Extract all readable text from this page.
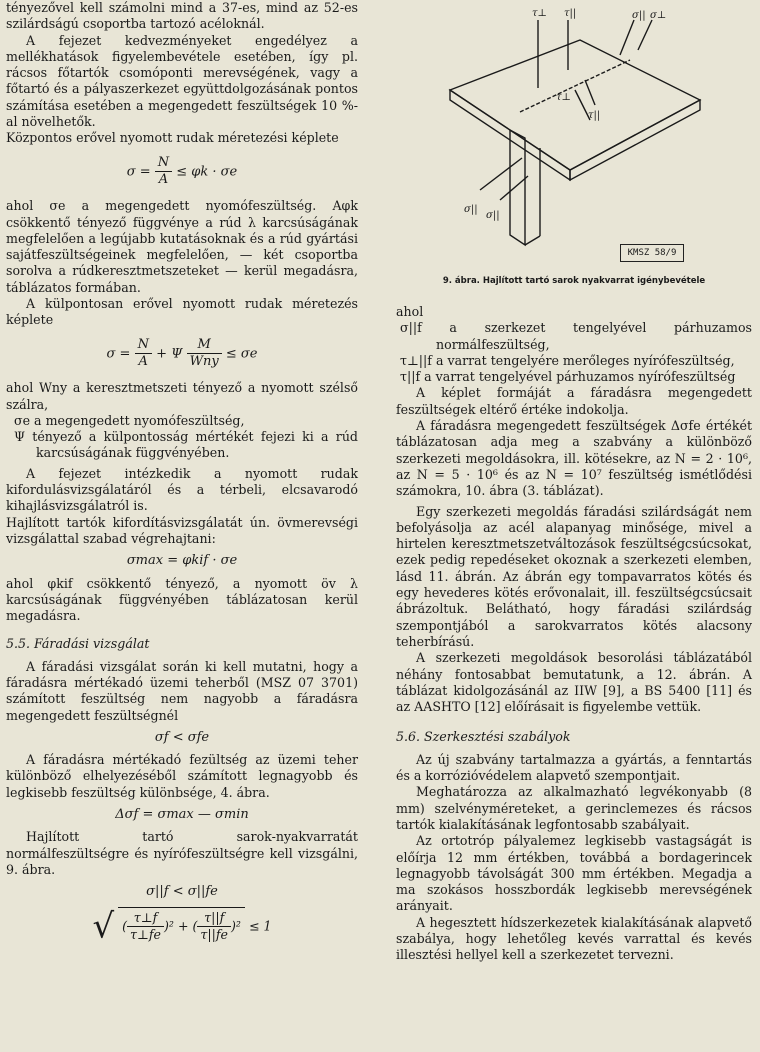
tényezővel kell számolni mind a 37-es, mind az 52-es szilárdságú csoportba tartozó acéloknál.

A fejezet kedvezményeket engedélyez a mellékhatások figyelembevétele esetében, így pl. rácsos főtartók csomóponti merevségének, vagy a főtartó és a pályaszerkezet együttdolgozásának pontos számítása esetében a megengedett feszültségek 10 %-al növelhetők.

Központos erővel nyomott rudak méretezési képlete

$\sigma = \frac{N}{A} \le \varphi k \cdot \sigma e$

ahol σe a megengedett nyomófeszültség. Aφk csökkentő tényező függvénye a rúd λ karcsúságának megfelelően a legújabb kutatásoknak és a rúd gyártási sajátfeszültségeinek megfelelően, — két csoportba sorolva a rúdkeresztmetszeteket — kerül megadásra, táblázatos formában.

A külpontosan erővel nyomott rudak méretezés képlete

$\sigma = \frac{N}{A} + \Psi \frac{M}{\text{Wny}} \le \sigma e$

ahol Wny a keresztmetszeti tényező a nyomott szélső szálra,

σe a megengedett nyomófeszültség,

Ψ tényező a külpontosság mértékét fejezi ki a rúd karcsúságának függvényében.

A fejezet intézkedik a nyomott rudak kifordulásvizsgálatáról és a térbeli, elcsavarodó kihajlásvizsgálatról is.

Hajlított tartók kifordításvizsgálatát ún. övmerevségi vizsgálattal szabad végrehajtani:

σmax = φkif · σe

ahol φkif csökkentő tényező, a nyomott öv λ karcsúságának függvényében táblázatosan kerül megadásra.

5.5. Fáradási vizsgálat

A fáradási vizsgálat során ki kell mutatni, hogy a fáradásra mértékadó üzemi teherből (MSZ 07 3701) számított feszültség nem nagyobb a fáradásra megengedett feszültségnél

σf < σfe

A fáradásra mértékadó fezültség az üzemi teher különböző elhelyezéséből számított legnagyobb és legkisebb feszültség különbsége, 4. ábra.

Δσf = σmax — σmin

Hajlított tartó sarok-nyakvarratát normálfeszültségre és nyírófeszültségre kell vizsgálni, 9. ábra.

σ||f < σ||fe
√ ( $\frac{\tau\perp f}{\tau\perp fe} )^2$ + ( $\frac{\tau||f}{\tau||fe} )^2 \le 1$
τ⊥ τ||	σ|| σ⊥
τ⊥
τ||
σ||
σ||
KMSZ 58/9
9. ábra. Hajlított tartó sarok nyakvarrat igénybevétele

ahol

σ||f a szerkezet tengelyével párhuzamos normálfeszültség,

τ⊥||f a varrat tengelyére merőleges nyírófeszültség,

τ||f a varrat tengelyével párhuzamos nyírófeszültség

A képlet formáját a fáradásra megengedett feszültségek eltérő értéke indokolja.

A fáradásra megengedett feszültségek Δσfe értékét táblázatosan adja meg a szabvány a különböző szerkezeti megoldásokra, ill. kötésekre, az N = 2 · 10⁶, az N = 5 · 10⁶ és az N = 10⁷ feszültség ismétlődési számokra, 10. ábra (3. táblázat).

Egy szerkezeti megoldás fáradási szilárdságát nem befolyásolja az acél alapanyag minősége, mivel a hirtelen keresztmetszetváltozások feszültségcsúcsokat, ezek pedig repedéseket okoznak a szerkezeti elemben, lásd 11. ábrán. Az ábrán egy tompavarratos kötés és egy hevederes kötés erővonalait, ill. feszültségcsúcsait ábrázoltuk. Belátható, hogy fáradási szilárdság szempontjából a sarokvarratos kötés alacsony teherbírású.

A szerkezeti megoldások besorolási táblázatából néhány fontosabbat bemutatunk, a 12. ábrán. A táblázat kidolgozásánál az IIW [9], a BS 5400 [11] és az AASHTO [12] előírásait is figyelembe vettük.

5.6. Szerkesztési szabályok

Az új szabvány tartalmazza a gyártás, a fenntartás és a korrózióvédelem alapvető szempontjait.

Meghatározza az alkalmazható legvékonyabb (8 mm) szelvényméreteket, a gerinclemezes és rácsos tartók kialakításának legfontosabb szabályait.

Az ortotróp pályalemez legkisebb vastagságát is előírja 12 mm értékben, továbbá a bordagerincek legnagyobb távolságát 300 mm értékben. Megadja a ma szokásos hosszbordák legkisebb merevségének arányait.

A hegesztett hídszerkezetek kialakításának alapvető szabálya, hogy lehetőleg kevés varrattal és kevés illesztési hellyel kell a szerkezetet tervezni.
